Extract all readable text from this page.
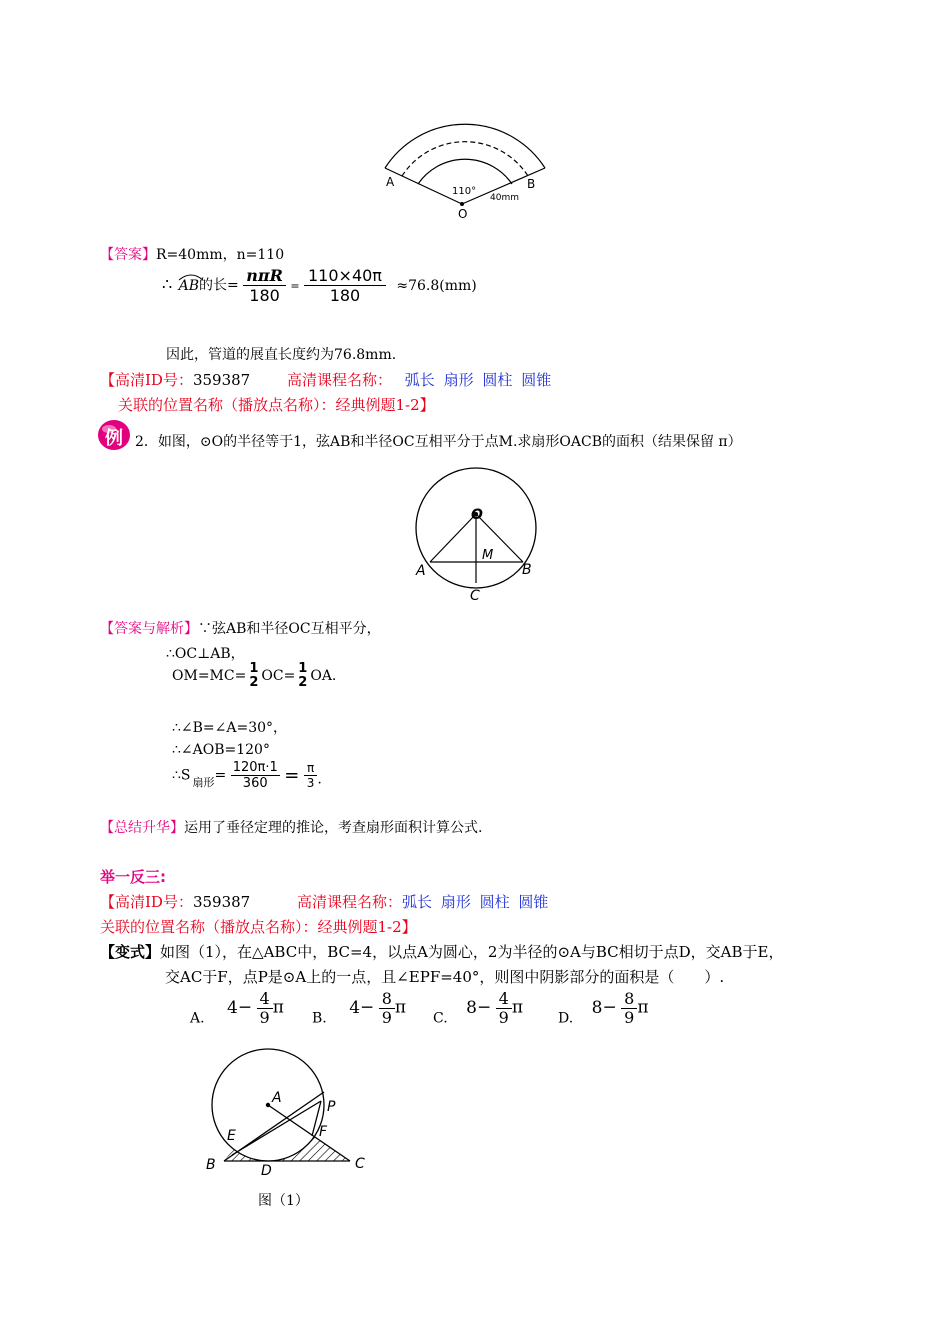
A	B
O
110°
40mm
【答案】R=40mm，n=110
∴ AB的长= $\frac{\text{nπR}}{180} = \frac{110\times 40\pi}{180} \approx 76.8(mm)$
因此，管道的展直长度约为76.8mm.
【高清ID号：359387 高清课程名称： 弧长 扇形 圆柱 圆锥
关联的位置名称（播放点名称）：经典例题1-2】
例 2．如图，⊙O的半径等于1，弦AB和半径OC互相平分于点M.求扇形OACB的面积（结果保留 π）
O
M
A	B
C
【答案与解析】∵弦AB和半径OC互相平分，
∴OC⊥AB，
OM=MC= 1
2 OC= 1
2 OA.
∴∠B=∠A=30°，
∴∠AOB=120°
∴S $_{扇形}= \frac{120\pi\cdot 1}{360} = \frac{\pi}{3}$ .
【总结升华】运用了垂径定理的推论，考查扇形面积计算公式.
举一反三:
【高清ID号：359387	高清课程名称：弧长 扇形 圆柱 圆锥
关联的位置名称（播放点名称）：经典例题1-2】
【变式】如图（1），在△ABC中，BC=4，以点A为圆心，2为半径的⊙A与BC相切于点D，交AB于E，
交AC于F，点P是⊙A上的一点，且∠EPF=40°，则图中阴影部分的面积是（　　）.
A. $4- \frac{4}{9}$ π
B. $4- \frac{8}{9}$ π
C. $8- \frac{4}{9}$ π
D. $8- \frac{8}{9}$ π
A
P
E	F
B	D	C
图（1）
